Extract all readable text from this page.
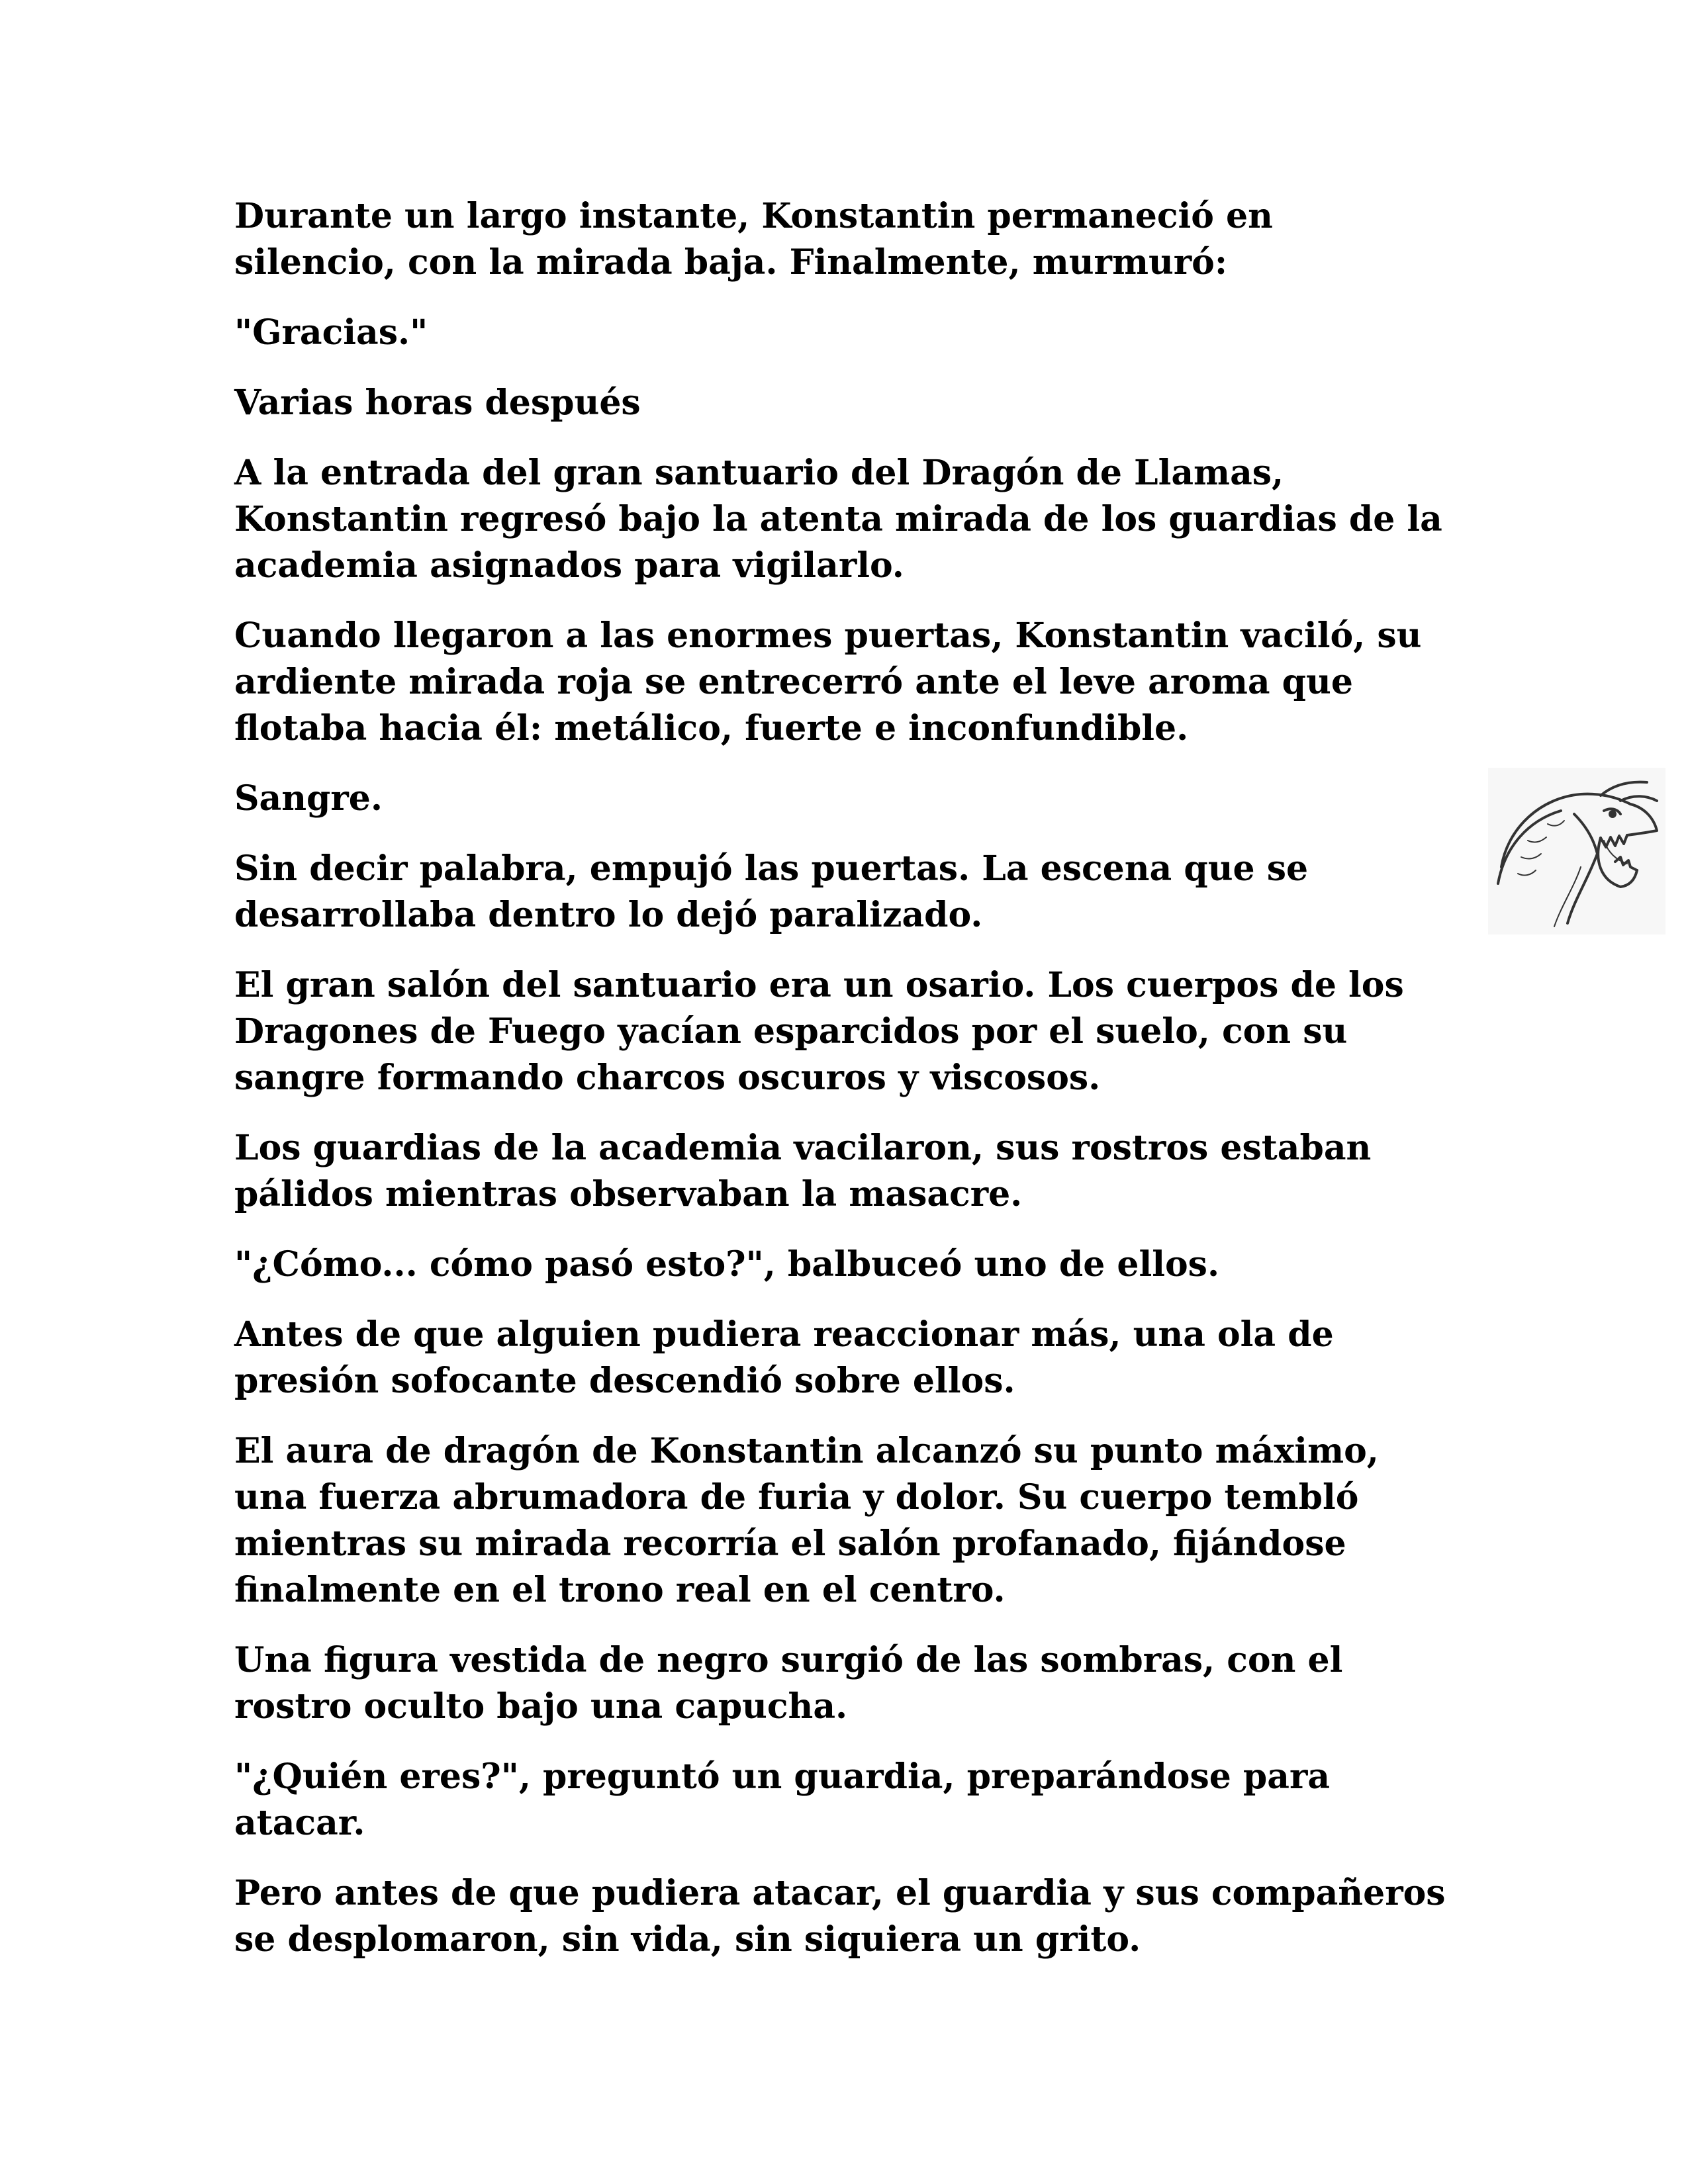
Durante un largo instante, Konstantin permaneció en
silencio, con la mirada baja. Finalmente, murmuró:

"Gracias."

Varias horas después

A la entrada del gran santuario del Dragón de Llamas,
Konstantin regresó bajo la atenta mirada de los guardias de la
academia asignados para vigilarlo.

Cuando llegaron a las enormes puertas, Konstantin vaciló, su
ardiente mirada roja se entrecerró ante el leve aroma que
flotaba hacia él: metálico, fuerte e inconfundible.

Sangre.

Sin decir palabra, empujó las puertas. La escena que se
desarrollaba dentro lo dejó paralizado.

El gran salón del santuario era un osario. Los cuerpos de los
Dragones de Fuego yacían esparcidos por el suelo, con su
sangre formando charcos oscuros y viscosos.

Los guardias de la academia vacilaron, sus rostros estaban
pálidos mientras observaban la masacre.

"¿Cómo... cómo pasó esto?", balbuceó uno de ellos.

Antes de que alguien pudiera reaccionar más, una ola de
presión sofocante descendió sobre ellos.

El aura de dragón de Konstantin alcanzó su punto máximo,
una fuerza abrumadora de furia y dolor. Su cuerpo tembló
mientras su mirada recorría el salón profanado, fijándose
finalmente en el trono real en el centro.

Una figura vestida de negro surgió de las sombras, con el
rostro oculto bajo una capucha.

"¿Quién eres?", preguntó un guardia, preparándose para
atacar.

Pero antes de que pudiera atacar, el guardia y sus compañeros
se desplomaron, sin vida, sin siquiera un grito.
